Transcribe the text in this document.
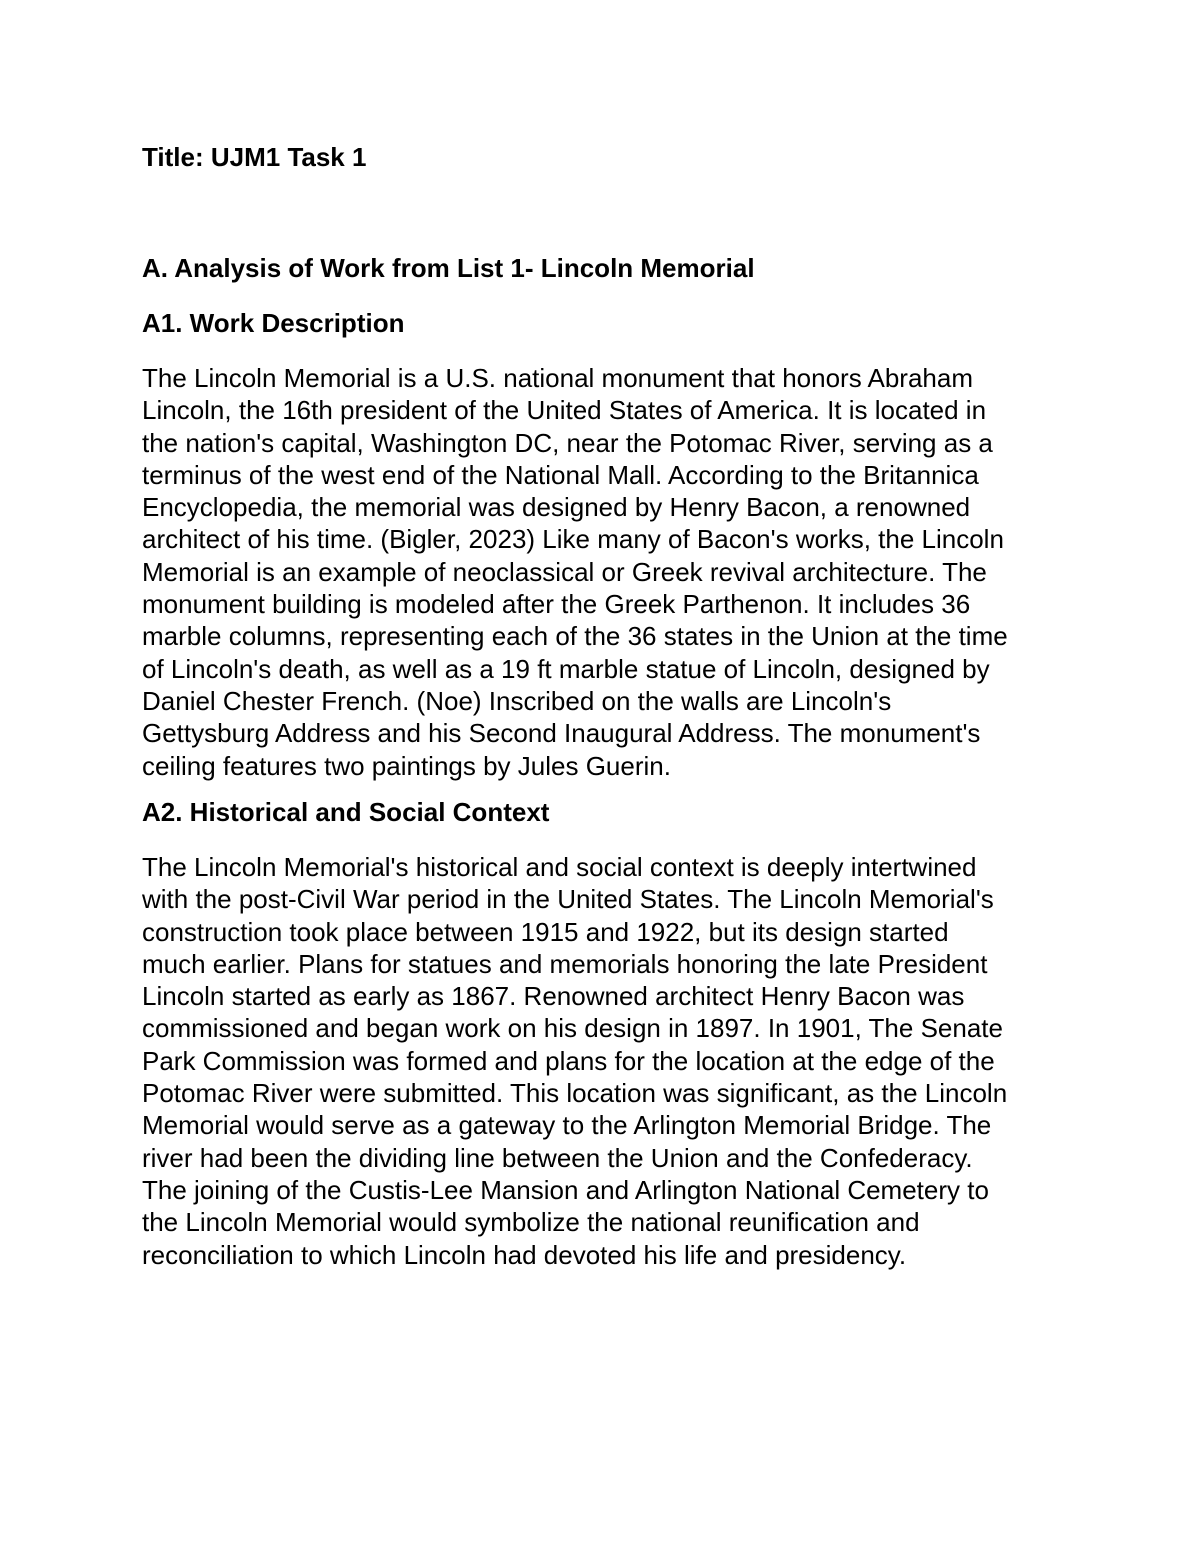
Title: UJM1 Task 1
A. Analysis of Work from List 1- Lincoln Memorial
A1. Work Description

The Lincoln Memorial is a U.S. national monument that honors Abraham
Lincoln, the 16th president of the United States of America. It is located in
the nation's capital, Washington DC, near the Potomac River, serving as a
terminus of the west end of the National Mall. According to the Britannica
Encyclopedia, the memorial was designed by Henry Bacon, a renowned
architect of his time. (Bigler, 2023) Like many of Bacon's works, the Lincoln
Memorial is an example of neoclassical or Greek revival architecture. The
monument building is modeled after the Greek Parthenon. It includes 36
marble columns, representing each of the 36 states in the Union at the time
of Lincoln's death, as well as a 19 ft marble statue of Lincoln, designed by
Daniel Chester French. (Noe) Inscribed on the walls are Lincoln's
Gettysburg Address and his Second Inaugural Address. The monument's
ceiling features two paintings by Jules Guerin.

A2. Historical and Social Context

The Lincoln Memorial's historical and social context is deeply intertwined
with the post-Civil War period in the United States. The Lincoln Memorial's
construction took place between 1915 and 1922, but its design started
much earlier. Plans for statues and memorials honoring the late President
Lincoln started as early as 1867. Renowned architect Henry Bacon was
commissioned and began work on his design in 1897. In 1901, The Senate
Park Commission was formed and plans for the location at the edge of the
Potomac River were submitted. This location was significant, as the Lincoln
Memorial would serve as a gateway to the Arlington Memorial Bridge. The
river had been the dividing line between the Union and the Confederacy.
The joining of the Custis-Lee Mansion and Arlington National Cemetery to
the Lincoln Memorial would symbolize the national reunification and
reconciliation to which Lincoln had devoted his life and presidency.
